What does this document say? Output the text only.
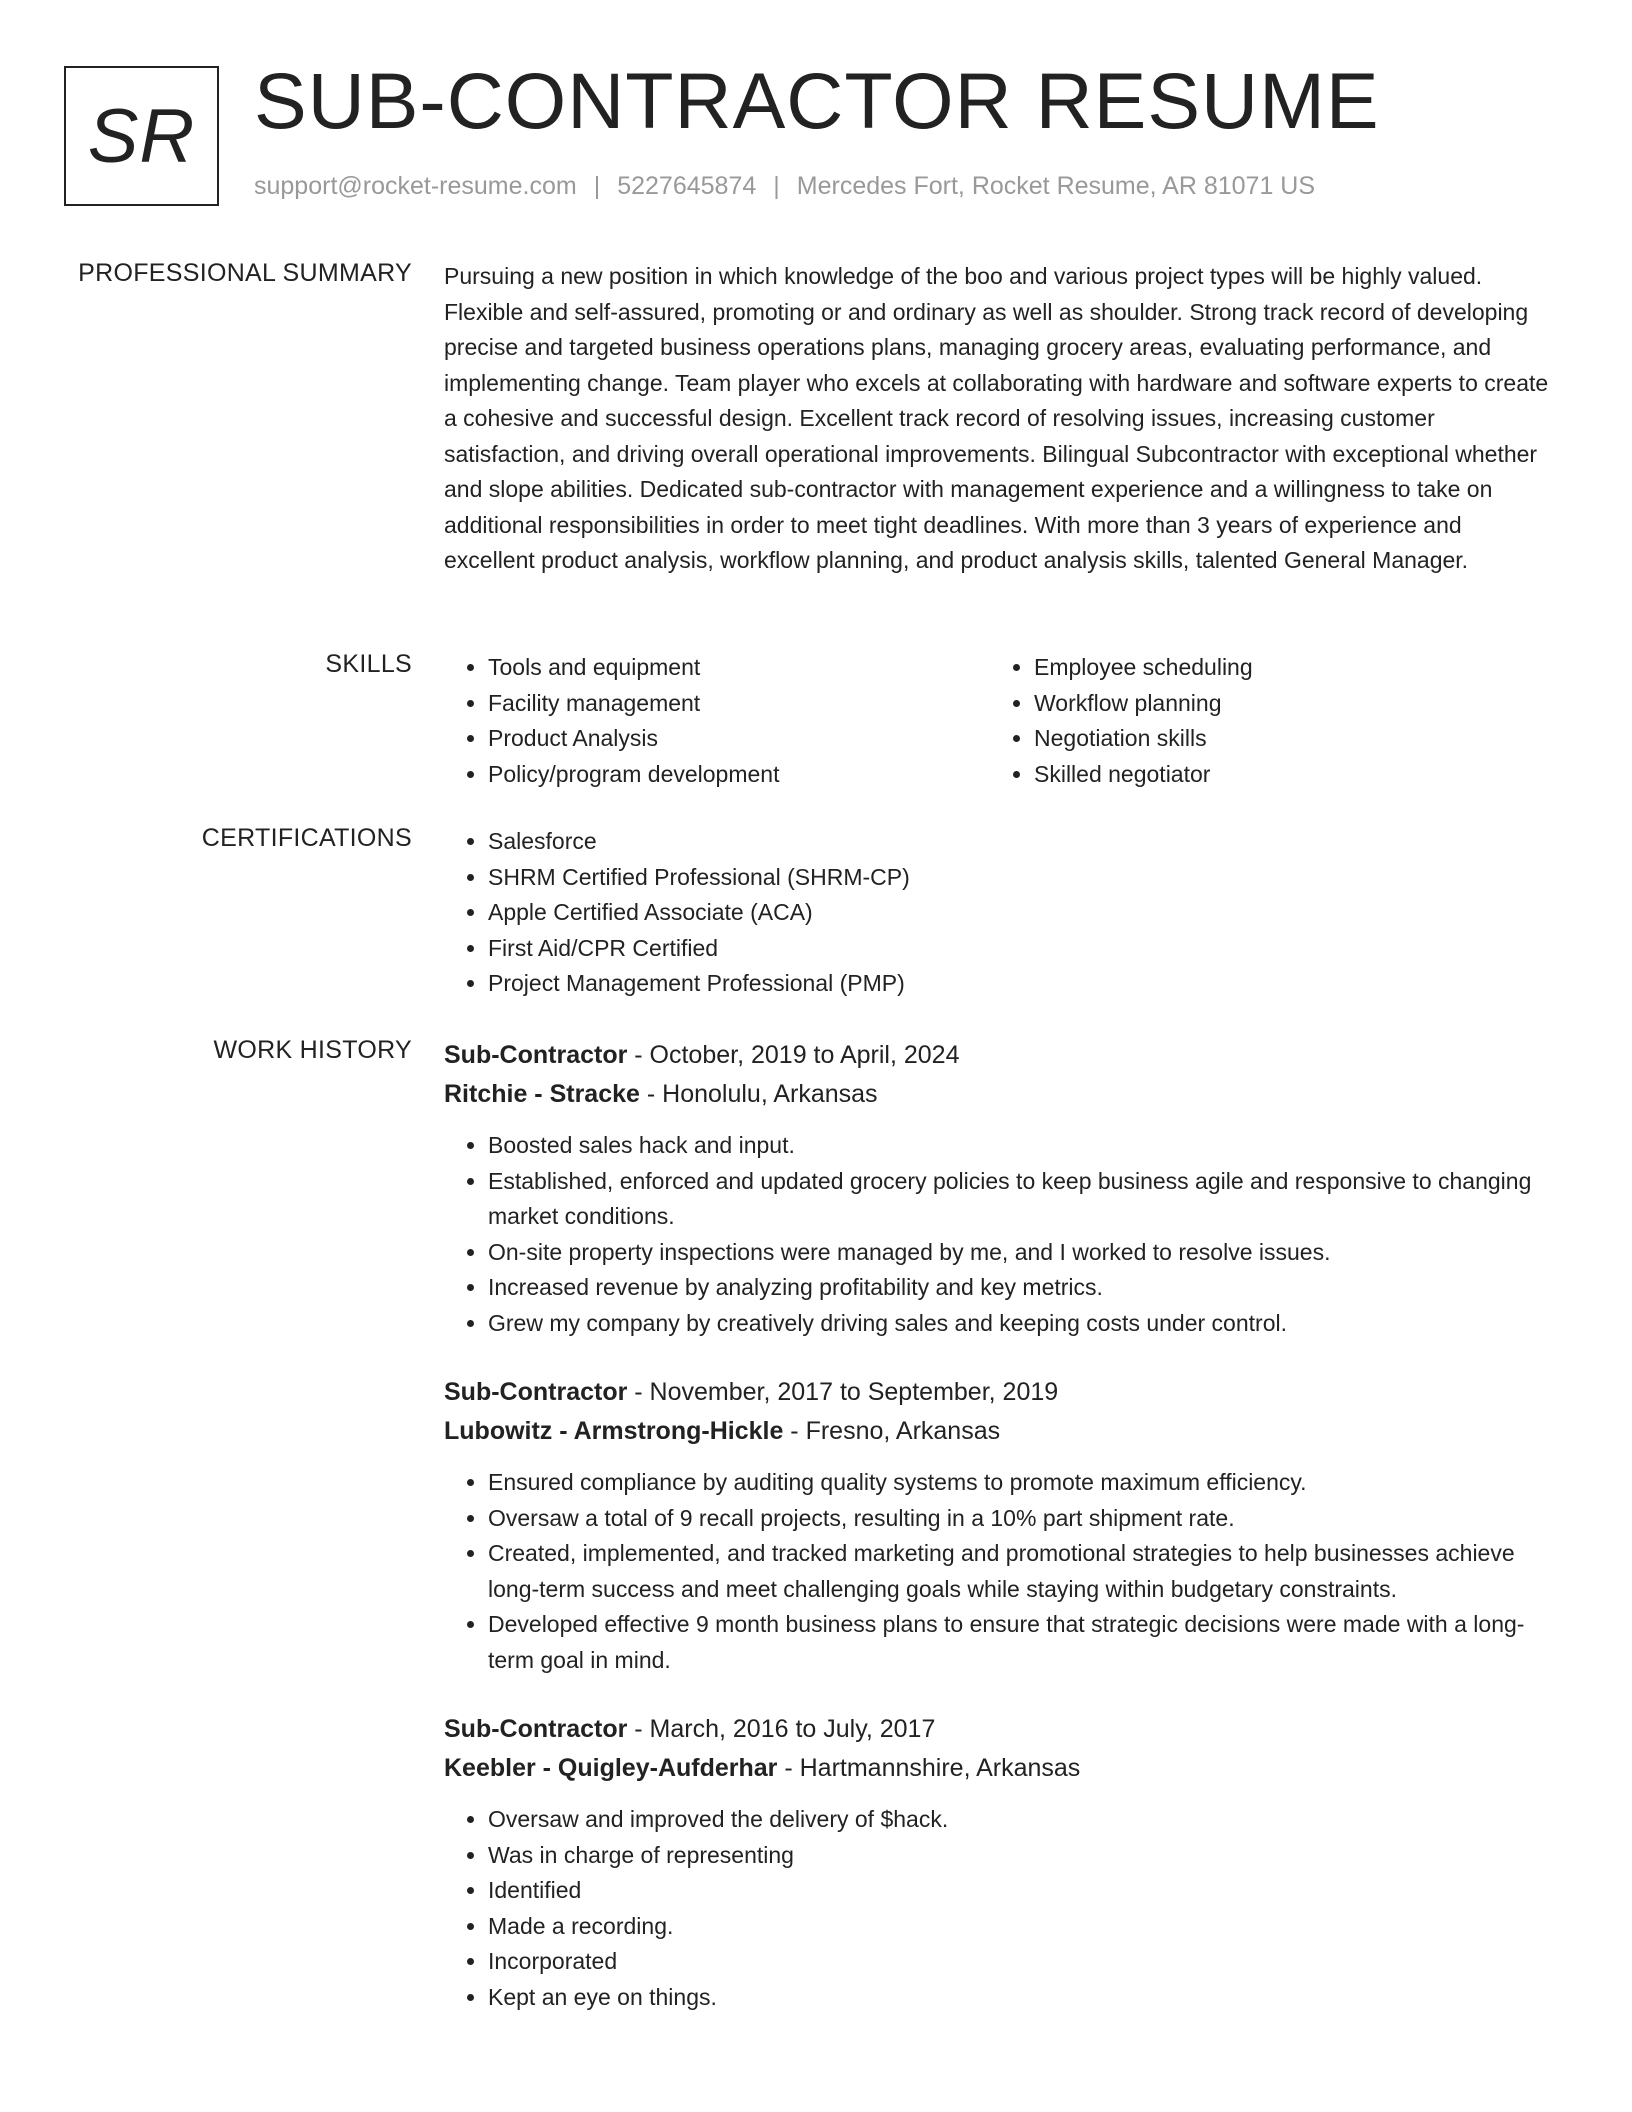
SR SUB-CONTRACTOR RESUME
support@rocket-resume.com | 5227645874 | Mercedes Fort, Rocket Resume, AR 81071 US
PROFESSIONAL SUMMARY Pursuing a new position in which knowledge of the boo and various project types will be highly valued. Flexible and self-assured, promoting or and ordinary as well as shoulder. Strong track record of developing precise and targeted business operations plans, managing grocery areas, evaluating performance, and implementing change. Team player who excels at collaborating with hardware and software experts to create a cohesive and successful design. Excellent track record of resolving issues, increasing customer satisfaction, and driving overall operational improvements. Bilingual Subcontractor with exceptional whether and slope abilities. Dedicated sub-contractor with management experience and a willingness to take on additional responsibilities in order to meet tight deadlines. With more than 3 years of experience and excellent product analysis, workflow planning, and product analysis skills, talented General Manager.

SKILLS	• Tools and equipment
• Facility management
• Product Analysis
• Policy/program development
• Employee scheduling
• Workflow planning
• Negotiation skills
• Skilled negotiator
CERTIFICATIONS	• Salesforce
• SHRM Certified Professional (SHRM-CP)
• Apple Certified Associate (ACA)
• First Aid/CPR Certified
• Project Management Professional (PMP)
WORK HISTORY Sub-Contractor - October, 2019 to April, 2024
Ritchie - Stracke - Honolulu, Arkansas
• Boosted sales hack and input.
• Established, enforced and updated grocery policies to keep business agile and responsive to changing market conditions.
• On-site property inspections were managed by me, and I worked to resolve issues.
• Increased revenue by analyzing profitability and key metrics.
• Grew my company by creatively driving sales and keeping costs under control.
Sub-Contractor - November, 2017 to September, 2019
Lubowitz - Armstrong-Hickle - Fresno, Arkansas
• Ensured compliance by auditing quality systems to promote maximum efficiency.
• Oversaw a total of 9 recall projects, resulting in a 10% part shipment rate.
• Created, implemented, and tracked marketing and promotional strategies to help businesses achieve long-term success and meet challenging goals while staying within budgetary constraints.
• Developed effective 9 month business plans to ensure that strategic decisions were made with a long-term goal in mind.
Sub-Contractor - March, 2016 to July, 2017
Keebler - Quigley-Aufderhar - Hartmannshire, Arkansas
• Oversaw and improved the delivery of $hack.
• Was in charge of representing
• Identified
• Made a recording.
• Incorporated
• Kept an eye on things.
